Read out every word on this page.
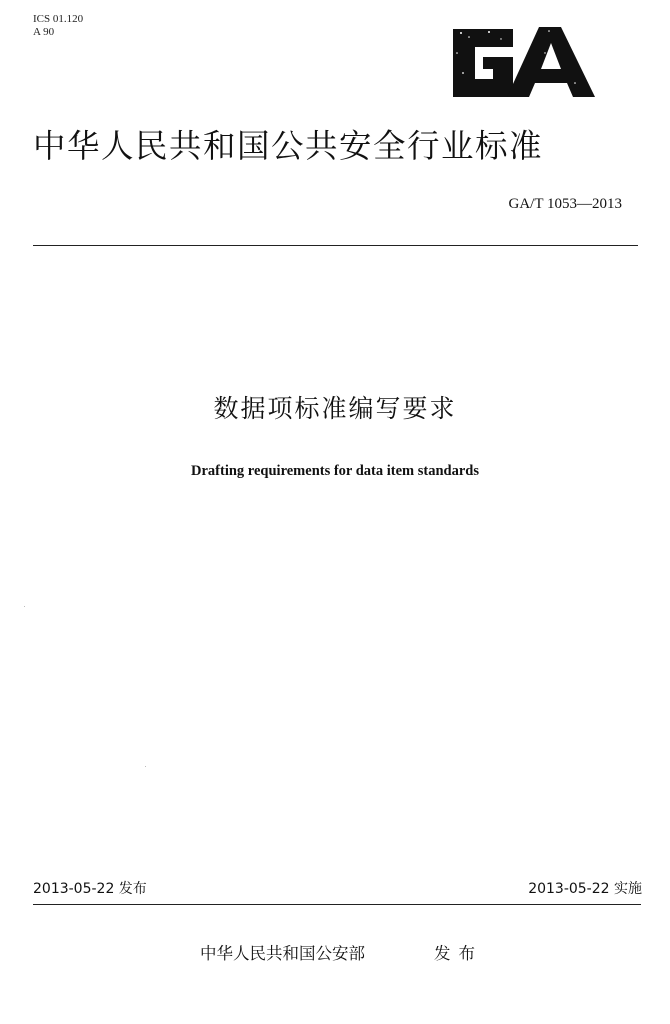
ICS 01.120
A 90
中华人民共和国公共安全行业标准
GA/T 1053—2013
数据项标准编写要求
Drafting requirements for data item standards
2013-05-22 发布	2013-05-22 实施
中华人民共和国公安部	发布
